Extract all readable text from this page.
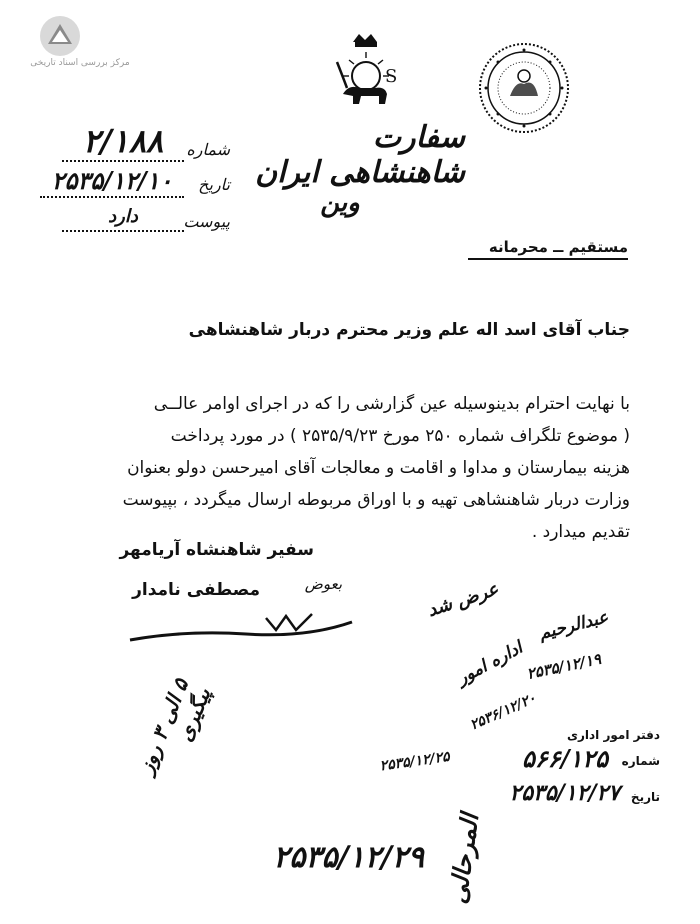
مرکز بررسی اسناد تاریخی
S
سفارت شاهنشاهی ایران
وین
شماره
۲/۱۸۸
تاریخ
۲۵۳۵/۱۲/۱۰
پیوست
دارد
مستقیم ــ محرمانه
جناب آقای اسد اله علم وزیر محترم دربار شاهنشاهی
با نهایت احترام بدینوسیله عین گزارشی را که در اجرای اوامر عالــی
( موضوع تلگراف شماره ۲۵۰ مورخ ۲۵۳۵/۹/۲۳ ) در مورد پرداخت
هزینه بیمارستان و مداوا و اقامت و معالجات آقای امیرحسن دولو بعنوان
وزارت دربار شاهنشاهی تهیه و با اوراق مربوطه ارسال میگردد ، بپیوست
تقدیم میدارد .
سفیر شاهنشاه آریامهر
بعوض
مصطفی نامدار	عرض شد
عبدالرحیم
اداره امور ۲۵۳۵/۱۲/۱۹
۲۵۳۶/۱۲/۲۰
۲۵۳۵/۱۲/۲۵
دفتر امور اداری
شماره
۵۶۶/۱۲۵
تاریخ
۲۵۳۵/۱۲/۲۷
۵ الی ۳ روز پیگیری
۲۵۳۵/۱۲/۲۹ المرحالی
